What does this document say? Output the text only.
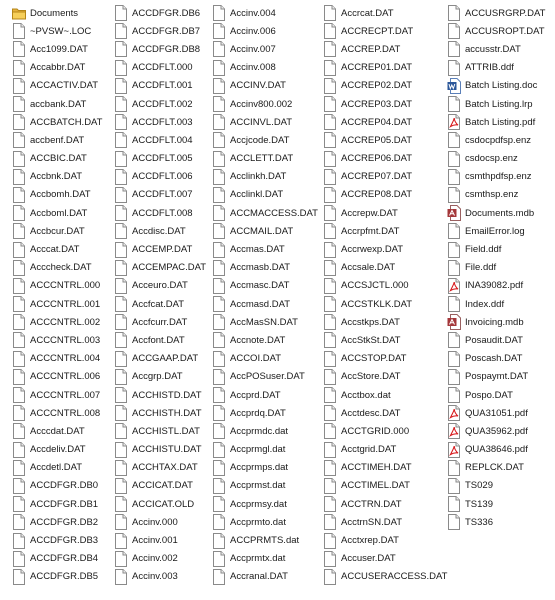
Documents
~PVSW~.LOC
Acc1099.DAT
Accabbr.DAT
ACCACTIV.DAT
accbank.DAT
ACCBATCH.DAT
accbenf.DAT
ACCBIC.DAT
Accbnk.DAT
Accbomh.DAT
Accboml.DAT
Accbcur.DAT
Acccat.DAT
Acccheck.DAT
ACCCNTRL.000
ACCCNTRL.001
ACCCNTRL.002
ACCCNTRL.003
ACCCNTRL.004
ACCCNTRL.006
ACCCNTRL.007
ACCCNTRL.008
Acccdat.DAT
Accdeliv.DAT
Accdetl.DAT
ACCDFGR.DB0
ACCDFGR.DB1
ACCDFGR.DB2
ACCDFGR.DB3
ACCDFGR.DB4
ACCDFGR.DB5
ACCDFGR.DB6
ACCDFGR.DB7
ACCDFGR.DB8
ACCDFLT.000
ACCDFLT.001
ACCDFLT.002
ACCDFLT.003
ACCDFLT.004
ACCDFLT.005
ACCDFLT.006
ACCDFLT.007
ACCDFLT.008
Accdisc.DAT
ACCEMP.DAT
ACCEMPAC.DAT
Acceuro.DAT
Accfcat.DAT
Accfcurr.DAT
Accfont.DAT
ACCGAAP.DAT
Accgrp.DAT
ACCHISTD.DAT
ACCHISTH.DAT
ACCHISTL.DAT
ACCHISTU.DAT
ACCHTAX.DAT
ACCICAT.DAT
ACCICAT.OLD
Accinv.000
Accinv.001
Accinv.002
Accinv.003
Accinv.004
Accinv.006
Accinv.007
Accinv.008
ACCINV.DAT
Accinv800.002
ACCINVL.DAT
Accjcode.DAT
ACCLETT.DAT
Acclinkh.DAT
Acclinkl.DAT
ACCMACCESS.DAT
ACCMAIL.DAT
Accmas.DAT
Accmasb.DAT
Accmasc.DAT
Accmasd.DAT
AccMasSN.DAT
Accnote.DAT
ACCOI.DAT
AccPOSuser.DAT
Accprd.DAT
Accprdq.DAT
Accprmdc.dat
Accprmgl.dat
Accprmps.dat
Accprmst.dat
Accprmsy.dat
Accprmto.dat
ACCPRMTS.dat
Accprmtx.dat
Accranal.DAT
Accrcat.DAT
ACCRECPT.DAT
ACCREP.DAT
ACCREP01.DAT
ACCREP02.DAT
ACCREP03.DAT
ACCREP04.DAT
ACCREP05.DAT
ACCREP06.DAT
ACCREP07.DAT
ACCREP08.DAT
Accrepw.DAT
Accrpfmt.DAT
Accrwexp.DAT
Accsale.DAT
ACCSJCTL.000
ACCSTKLK.DAT
Accstkps.DAT
AccStkSt.DAT
ACCSTOP.DAT
AccStore.DAT
Acctbox.dat
Acctdesc.DAT
ACCTGRID.000
Acctgrid.DAT
ACCTIMEH.DAT
ACCTIMEL.DAT
ACCTRN.DAT
AcctrnSN.DAT
Acctxrep.DAT
Accuser.DAT
ACCUSERACCESS.DAT
ACCUSRGRP.DAT
ACCUSROPT.DAT
accusstr.DAT
ATTRIB.ddf
Batch Listing.doc
Batch Listing.lrp
Batch Listing.pdf
csdocpdfsp.enz
csdocsp.enz
csmthpdfsp.enz
csmthsp.enz
Documents.mdb
EmailError.log
Field.ddf
File.ddf
INA39082.pdf
Index.ddf
Invoicing.mdb
Posaudit.DAT
Poscash.DAT
Pospaymt.DAT
Pospo.DAT
QUA31051.pdf
QUA35962.pdf
QUA38646.pdf
REPLCK.DAT
TS029
TS139
TS336
